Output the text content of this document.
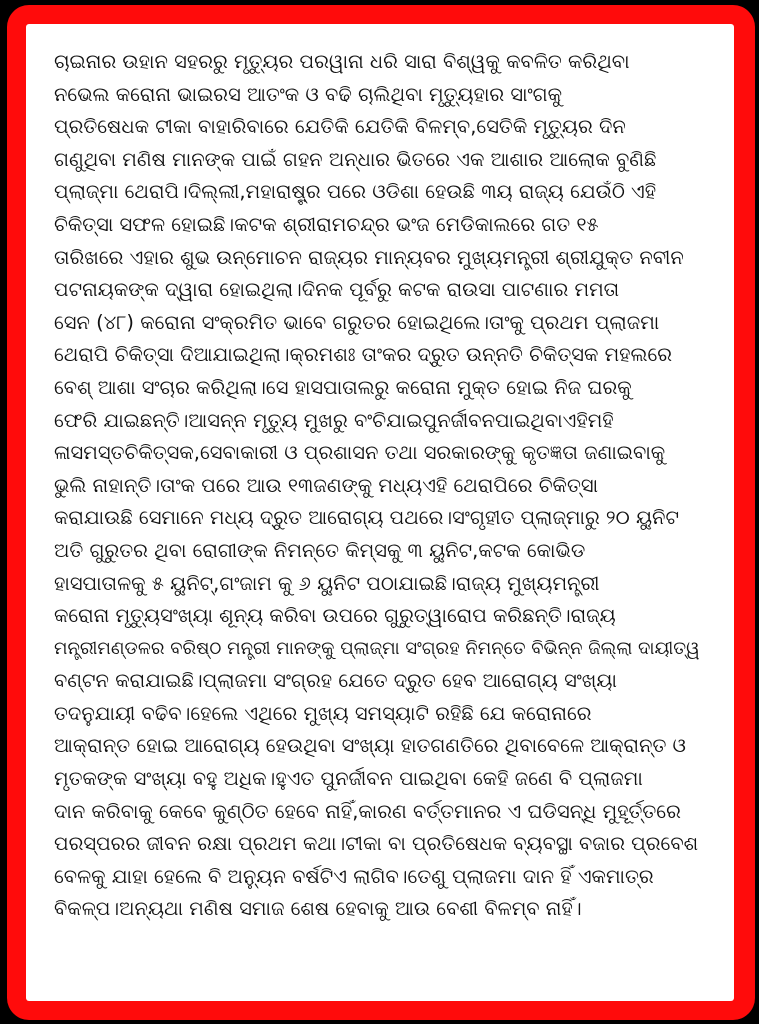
ଚାଇନାର ଉହାନ ସହରରୁ ମୃତ୍ୟୁର ପରୱାନା ଧରି ସାରା ବିଶ୍ୱକୁ କବଳିତ କରିଥିବା
ନଭେଲ କରୋନା ଭାଇରସ ଆତଂକ ଓ ବଢି ଚାଲିଥିବା ମୃତ୍ୟୁହାର ସାଂଗକୁ
ପ୍ରତିଷେଧକ ଟୀକା ବାହାରିବାରେ ଯେତିକି ଯେତିକି ବିଳମ୍ବ,ସେତିକି ମୃତ୍ୟୁର ଦିନ
ଗଣୁଥିବା ମଣିଷ ମାନଙ୍କ ପାଇଁ ଗହନ ଅନ୍ଧାର ଭିତରେ ଏକ ଆଶାର ଆଲୋକ ବୁଣିଛି
ପ୍ଲାଜ୍ମା ଥେରାପି।ଦିଲ୍ଲୀ,ମହାରାଷ୍ଟ୍ର ପରେ ଓଡିଶା ହେଉଛି ୩ୟ ରାଜ୍ୟ ଯେଉଁଠି ଏହି
ଚିକିତ୍ସା ସଫଳ ହୋଇଛି।କଟକ ଶ୍ରୀରାମଚନ୍ଦ୍ର ଭଂଜ ମେଡିକାଲରେ ଗତ ୧୫
ତାରିଖରେ ଏହାର ଶୁଭ ଉନ୍ମୋଚନ ରାଜ୍ୟର ମାନ୍ୟବର ମୁଖ୍ୟମନ୍ତ୍ରୀ ଶ୍ରୀଯୁକ୍ତ ନବୀନ
ପଟନାୟକଙ୍କ ଦ୍ୱାରା ହୋଇଥିଲା।ଦିନକ ପୂର୍ବରୁ କଟକ ରାଉସା ପାଟଣାର ମମତା
ସେନ (୪୮) କରୋନା ସଂକ୍ରମିତ ଭାବେ ଗରୁତର ହୋଇଥିଲେ।ତାଂକୁ ପ୍ରଥମ ପ୍ଲାଜମା
ଥେରାପି ଚିକିତ୍ସା ଦିଆଯାଇଥିଲା।କ୍ରମଶଃ ତାଂକର ଦ୍ରୁତ ଉନ୍ନତି ଚିକିତ୍ସକ ମହଲରେ
ବେଶ୍ ଆଶା ସଂଚାର କରିଥିଲା।ସେ ହାସପାତାଲରୁ କରୋନା ମୁକ୍ତ ହୋଇ ନିଜ ଘରକୁ
ଫେରି ଯାଇଛନ୍ତି।ଆସନ୍ନ ମୃତ୍ୟୁ ମୁଖରୁ ବଂଚିଯାଇପୁନର୍ଜୀବନପାଇଥିବାଏହିମହି
ଳାସମସ୍ତଚିକିତ୍ସକ,ସେବାକାରୀ ଓ ପ୍ରଶାସନ ତଥା ସରକାରଙ୍କୁ କୃତଜ୍ଞତା ଜଣାଇବାକୁ
ଭୁଲି ନାହାନ୍ତି।ତାଂକ ପରେ ଆଉ ୧୩ଜଣଙ୍କୁ ମଧ୍ୟଏହି ଥେରାପିରେ ଚିକିତ୍ସା
କରାଯାଉଛି ସେମାନେ ମଧ୍ୟ ଦ୍ରୁତ ଆରୋଗ୍ୟ ପଥରେ।ସଂଗୃହୀତ ପ୍ଲାଜ୍ମାରୁ ୨୦ ୟୁନିଟ
ଅତି ଗୁରୁତର ଥିବା ରୋଗୀଙ୍କ ନିମନ୍ତେ କିମ୍ସକୁ ୩ ୟୁନିଟ,କଟକ କୋଭିଡ
ହାସପାତାଳକୁ ୫ ୟୁନିଟ୍,ଗଂଜାମ କୁ ୬ ୟୁନିଟ ପଠାଯାଇଛି।ରାଜ୍ୟ ମୁଖ୍ୟମନ୍ତ୍ରୀ
କରୋନା ମୃତ୍ୟୁସଂଖ୍ୟା ଶୂନ୍ୟ କରିବା ଉପରେ ଗୁରୁତ୍ୱାରୋପ କରିଛନ୍ତି।ରାଜ୍ୟ
ମନ୍ତ୍ରୀମଣ୍ଡଳର ବରିଷ୍ଠ ମନ୍ତ୍ରୀ ମାନଙ୍କୁ ପ୍ଲାଜ୍ମା ସଂଗ୍ରହ ନିମନ୍ତେ ବିଭିନ୍ନ ଜିଲ୍ଲା ଦାୟୀତ୍ୱ
ବଣ୍ଟନ କରାଯାଇଛି।ପ୍ଲାଜମା ସଂଗ୍ରହ ଯେତେ ଦ୍ରୁତ ହେବ ଆରୋଗ୍ୟ ସଂଖ୍ୟା
ତଦନୁଯାୟୀ ବଢିବ।ହେଲେ ଏଥିରେ ମୁଖ୍ୟ ସମସ୍ୟାଟି ରହିଛି ଯେ କରୋନାରେ
ଆକ୍ରାନ୍ତ ହୋଇ ଆରୋଗ୍ୟ ହେଉଥିବା ସଂଖ୍ୟା ହାତଗଣତିରେ ଥିବାବେଳେ ଆକ୍ରାନ୍ତ ଓ
ମୃତକଙ୍କ ସଂଖ୍ୟା ବହୁ ଅଧିକ।ହୁଏତ ପୁନର୍ଜୀବନ ପାଇଥିବା କେହି ଜଣେ ବି ପ୍ଲାଜମା
ଦାନ କରିବାକୁ କେବେ କୁଣ୍ଠିତ ହେବେ ନାହିଁ,କାରଣ ବର୍ତ୍ତମାନର ଏ ଘଡିସନ୍ଧି ମୁହୂର୍ତ୍ତରେ
ପରସ୍ପରର ଜୀବନ ରକ୍ଷା ପ୍ରଥମ କଥା।ଟୀକା ବା ପ୍ରତିଷେଧକ ବ୍ୟବସ୍ଥା ବଜାର ପ୍ରବେଶ
ବେଳକୁ ଯାହା ହେଲେ ବି ଅନ୍ୟୁନ ବର୍ଷଟିଏ ଲାଗିବ।ତେଣୁ ପ୍ଲାଜମା ଦାନ ହିଁ ଏକମାତ୍ର
ବିକଳ୍ପ।ଅନ୍ୟଥା ମଣିଷ ସମାଜ ଶେଷ ହେବାକୁ ଆଉ ବେଶୀ ବିଳମ୍ବ ନାହିଁ।
